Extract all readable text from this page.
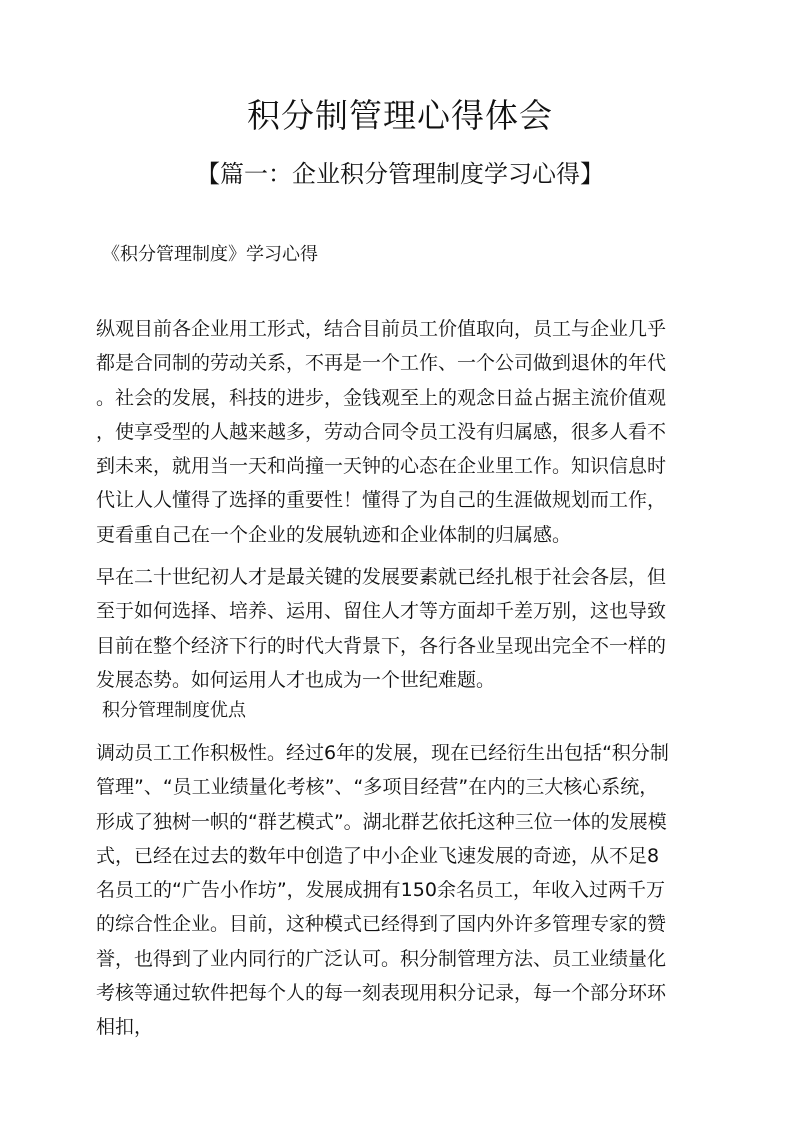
积分制管理心得体会
【篇一：企业积分管理制度学习心得】
《积分管理制度》学习心得
纵观目前各企业用工形式，结合目前员工价值取向，员工与企业几乎
都是合同制的劳动关系，不再是一个工作、一个公司做到退休的年代
。社会的发展，科技的进步，金钱观至上的观念日益占据主流价值观
，使享受型的人越来越多，劳动合同令员工没有归属感，很多人看不
到未来，就用当一天和尚撞一天钟的心态在企业里工作。知识信息时
代让人人懂得了选择的重要性！懂得了为自己的生涯做规划而工作，
更看重自己在一个企业的发展轨迹和企业体制的归属感。
早在二十世纪初人才是最关键的发展要素就已经扎根于社会各层，但
至于如何选择、培养、运用、留住人才等方面却千差万别，这也导致
目前在整个经济下行的时代大背景下，各行各业呈现出完全不一样的
发展态势。如何运用人才也成为一个世纪难题。
积分管理制度优点
调动员工工作积极性。经过6年的发展，现在已经衍生出包括“积分制
管理”、“员工业绩量化考核”、“多项目经营”在内的三大核心系统，
形成了独树一帜的“群艺模式”。湖北群艺依托这种三位一体的发展模
式，已经在过去的数年中创造了中小企业飞速发展的奇迹，从不足8
名员工的“广告小作坊”，发展成拥有150余名员工，年收入过两千万
的综合性企业。目前，这种模式已经得到了国内外许多管理专家的赞
誉，也得到了业内同行的广泛认可。积分制管理方法、员工业绩量化
考核等通过软件把每个人的每一刻表现用积分记录，每一个部分环环
相扣，
